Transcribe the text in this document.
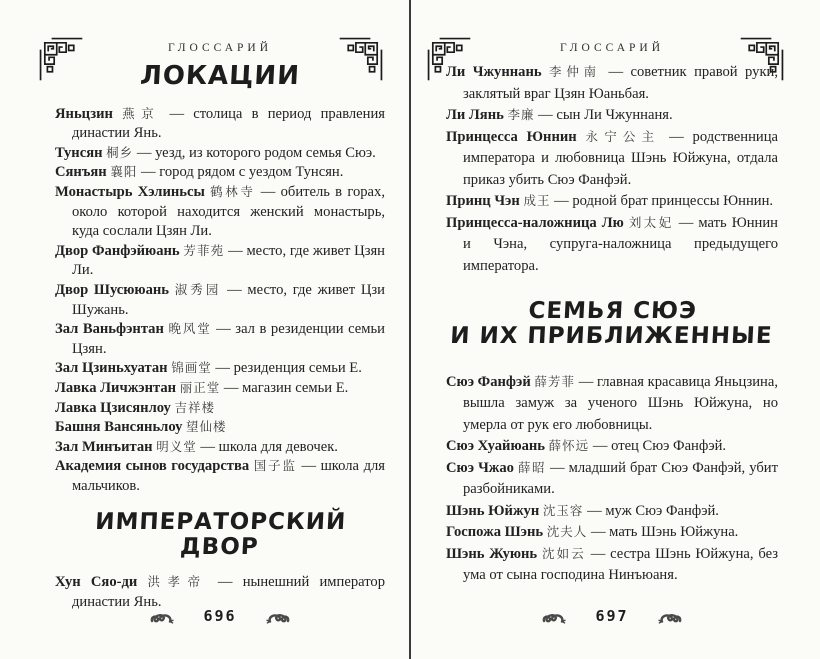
ГЛОССАРИЙ

ЛОКАЦИИ

Яньцзин 燕京 — столица в период правления династии Янь.

Тунсян 桐乡 — уезд, из которого родом семья Сюэ.

Сянъян 襄阳 — город рядом с уездом Тунсян.

Монастырь Хэлиньсы 鹤林寺 — обитель в горах, около которой находится женский монастырь, куда сослали Цзян Ли.

Двор Фанфэйюань 芳菲苑 — место, где живет Цзян Ли.

Двор Шусююань 淑秀园 — место, где живет Цзи Шужань.

Зал Ваньфэнтан 晚风堂 — зал в резиденции семьи Цзян.

Зал Цзиньхуатан 锦画堂 — резиденция семьи Е.

Лавка Личжэнтан 丽正堂 — магазин семьи Е.

Лавка Цзисянлоу 吉祥楼

Башня Вансяньлоу 望仙楼

Зал Минъитан 明义堂 — школа для девочек.

Академия сынов государства 国子监 — школа для мальчиков.

ИМПЕРАТОРСКИЙ ДВОР

Хун Сяо-ди 洪孝帝 — нынешний император династии Янь.

696

ГЛОССАРИЙ

Ли Чжуннань 李仲南 — советник правой руки, заклятый враг Цзян Юаньбая.

Ли Лянь 李廉 — сын Ли Чжуннаня.

Принцесса Юннин 永宁公主 — родственница императора и любовница Шэнь Юйжуна, отдала приказ убить Сюэ Фанфэй.

Принц Чэн 成王 — родной брат принцессы Юннин.

Принцесса-наложница Лю 刘太妃 — мать Юннин и Чэна, супруга-наложница предыдущего императора.

СЕМЬЯ СЮЭ
И ИХ ПРИБЛИЖЕННЫЕ

Сюэ Фанфэй 薛芳菲 — главная красавица Яньцзина, вышла замуж за ученого Шэнь Юйжуна, но умерла от рук его любовницы.

Сюэ Хуайюань 薛怀远 — отец Сюэ Фанфэй.

Сюэ Чжао 薛昭 — младший брат Сюэ Фанфэй, убит разбойниками.

Шэнь Юйжун 沈玉容 — муж Сюэ Фанфэй.

Госпожа Шэнь 沈夫人 — мать Шэнь Юйжуна.

Шэнь Жуюнь 沈如云 — сестра Шэнь Юйжуна, без ума от сына господина Нинъюаня.

697
